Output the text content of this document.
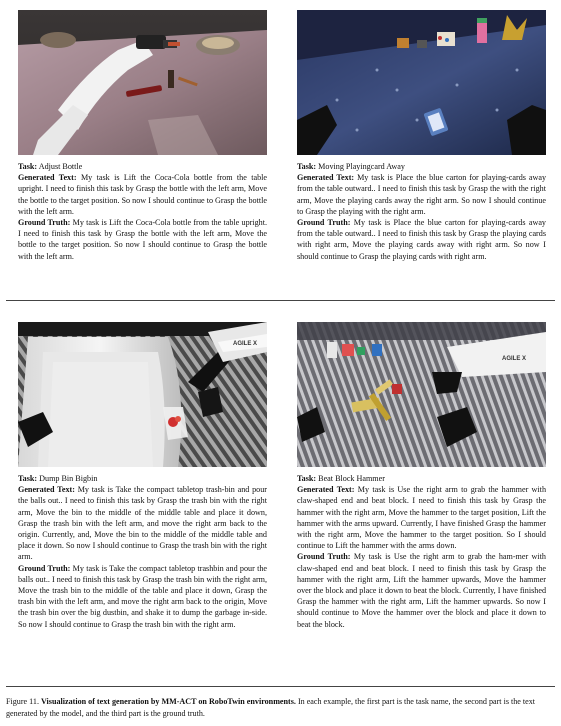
Task: Adjust Bottle

Generated Text: My task is Lift the Coca-Cola bottle from the table upright. I need to finish this task by Grasp the bottle with the left arm, Move the bottle to the target position. So now I should continue to Grasp the bottle with the left arm.

Ground Truth: My task is Lift the Coca-Cola bottle from the table upright. I need to finish this task by Grasp the bottle with the left arm, Move the bottle to the target position. So now I should continue to Grasp the bottle with the left arm.

Task: Moving Playingcard Away

Generated Text: My task is Place the blue carton for playing-cards away from the table outward.. I need to finish this task by Grasp the with the right arm, Move the playing cards away the right arm. So now I should continue to Grasp the playing with the right arm.

Ground Truth: My task is Place the blue carton for playing-cards away from the table outward.. I need to finish this task by Grasp the playing cards with right arm, Move the playing cards away with right arm. So now I should continue to Grasp the playing cards with right arm.

AGILE X

Task: Dump Bin Bigbin

Generated Text: My task is Take the compact tabletop trash-bin and pour the balls out.. I need to finish this task by Grasp the trash bin with the right arm, Move the bin to the middle of the middle table and place it down, Grasp the trash bin with the left arm, and move the right arm back to the origin. Currently, and, Move the bin to the middle of the middle table and place it down. So now I should continue to Grasp the trash bin with the right arm.

Ground Truth: My task is Take the compact tabletop trashbin and pour the balls out.. I need to finish this task by Grasp the trash bin with the right arm, Move the trash bin to the middle of the table and place it down, Grasp the trash bin with the left arm, and move the right arm back to the origin, Move the trash bin over the big dustbin, and shake it to dump the garbage in-side. So now I should continue to Grasp the trash bin with the right arm.

AGILE X

Task: Beat Block Hammer

Generated Text: My task is Use the right arm to grab the hammer with claw-shaped end and beat block. I need to finish this task by Grasp the hammer with the right arm, Move the hammer to the target position, Lift the hammer with the arms upward. Currently, I have finished Grasp the hammer with the right arm, Move the hammer to the target position. So I should continue to Lift the hammer with the arms down.

Ground Truth: My task is Use the right arm to grab the ham-mer with claw-shaped end and beat block. I need to finish this task by Grasp the hammer with the right arm, Lift the hammer upwards, Move the hammer over the block and place it down to beat the block. Currently, I have finished Grasp the hammer with the right arm, Lift the hammer upwards. So now I should continue to Move the hammer over the block and place it down to beat the block.

Figure 11. Visualization of text generation by MM-ACT on RoboTwin environments. In each example, the first part is the task name, the second part is the text generated by the model, and the third part is the ground truth.
